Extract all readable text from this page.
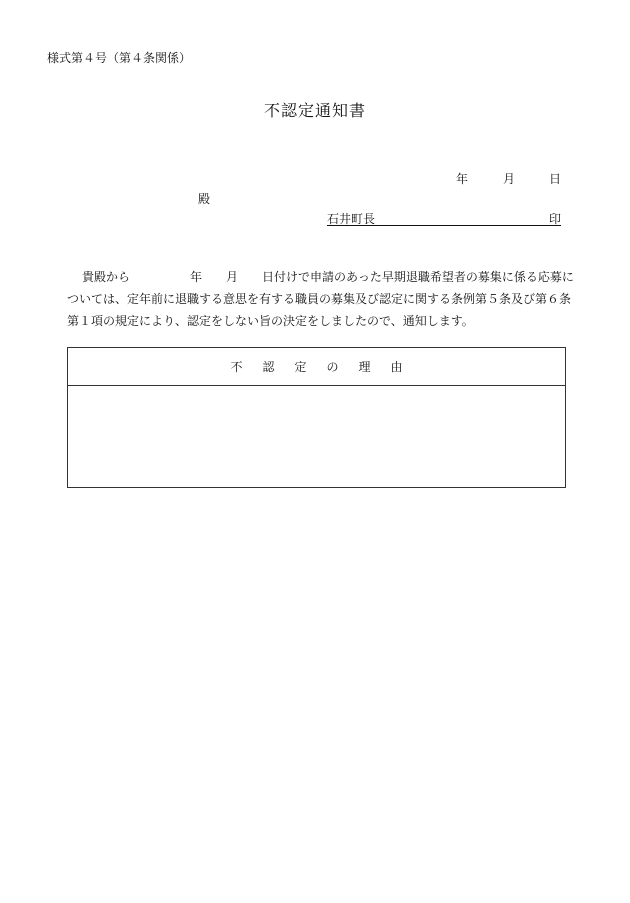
様式第４号（第４条関係）
不認定通知書
年	月	日
殿
石井町長	印
貴殿から	年 月 日付けで申請のあった早期退職希望者の募集に係る応募に
ついては、定年前に退職する意思を有する職員の募集及び認定に関する条例第５条及び第６条
第１項の規定により、認定をしない旨の決定をしましたので、通知します。
不認定の理由
